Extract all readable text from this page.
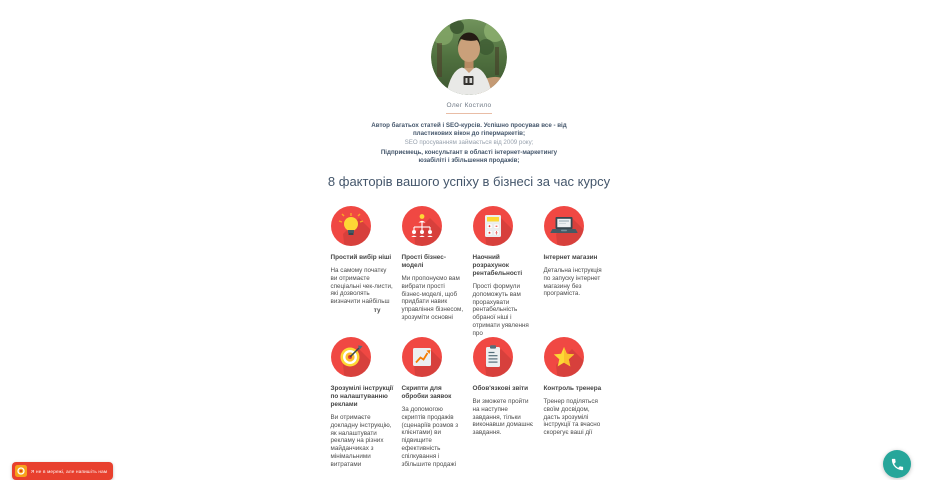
Олег Костило
Автор багатьох статей і SEO-курсів. Успішно просував все - від пластикових вікон до гіпермаркетів;
SEO просуванням займається від 2009 року;
Підприємець, консультант в області інтернет-маркетингу юзабіліті і збільшення продажів;
8 факторів вашого успіху в бізнесі за час курсу
Простий вибір ніші
На самому початку ви отримаєте спеціальні чек-листи, які дозволять визначити найбільш
ту
Прості бізнес-моделі
Ми пропонуємо вам вибрати прості бізнес-моделі, щоб придбати навик управління бізнесом, зрозуміти основні
Наочний розрахунок рентабельності
Прості формули допоможуть вам прорахувати рентабельність обраної ніші і отримати уявлення про
Інтернет магазин
Детальна інструкція по запуску інтернет магазину без програміста.
Зрозумілі інструкції по налаштуванню реклами
Ви отримаєте докладну інструкцію, як налаштувати рекламу на різних майданчиках з мінімальними витратами
Скрипти для обробки заявок
За допомогою скриптів продажів (сценаріїв розмов з клієнтами) ви підвищите ефективність спілкування і збільшите продажі
Обов'язкові звіти
Ви зможете пройти на наступне завдання, тільки виконавши домашнє завдання.
Контроль тренера
Тренер поділяться своїм досвідом, дасть зрозумілі інструкції та вчасно скорегує ваші дії
Я не в мережі, але напишіть нам
